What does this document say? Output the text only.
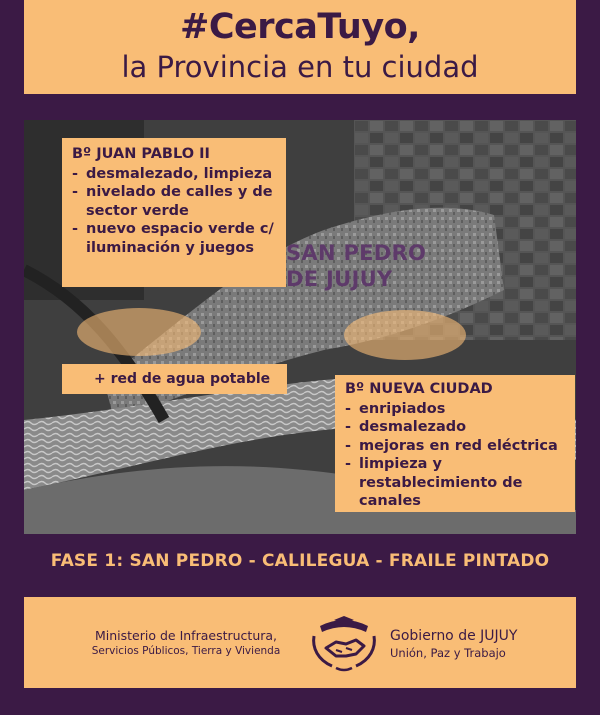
#CercaTuyo,
la Provincia en tu ciudad
SAN PEDRO
DE JUJUY
Bº JUAN PABLO II
- desmalezado, limpieza
- nivelado de calles y de sector verde
- nuevo espacio verde c/ iluminación y juegos
+ red de agua potable
Bº NUEVA CIUDAD
- enripiados
- desmalezado
- mejoras en red eléctrica
- limpieza y restablecimiento de canales
FASE 1: SAN PEDRO - CALILEGUA - FRAILE PINTADO
Ministerio de Infraestructura,
Servicios Públicos, Tierra y Vivienda
Gobierno de JUJUY
Unión, Paz y Trabajo
